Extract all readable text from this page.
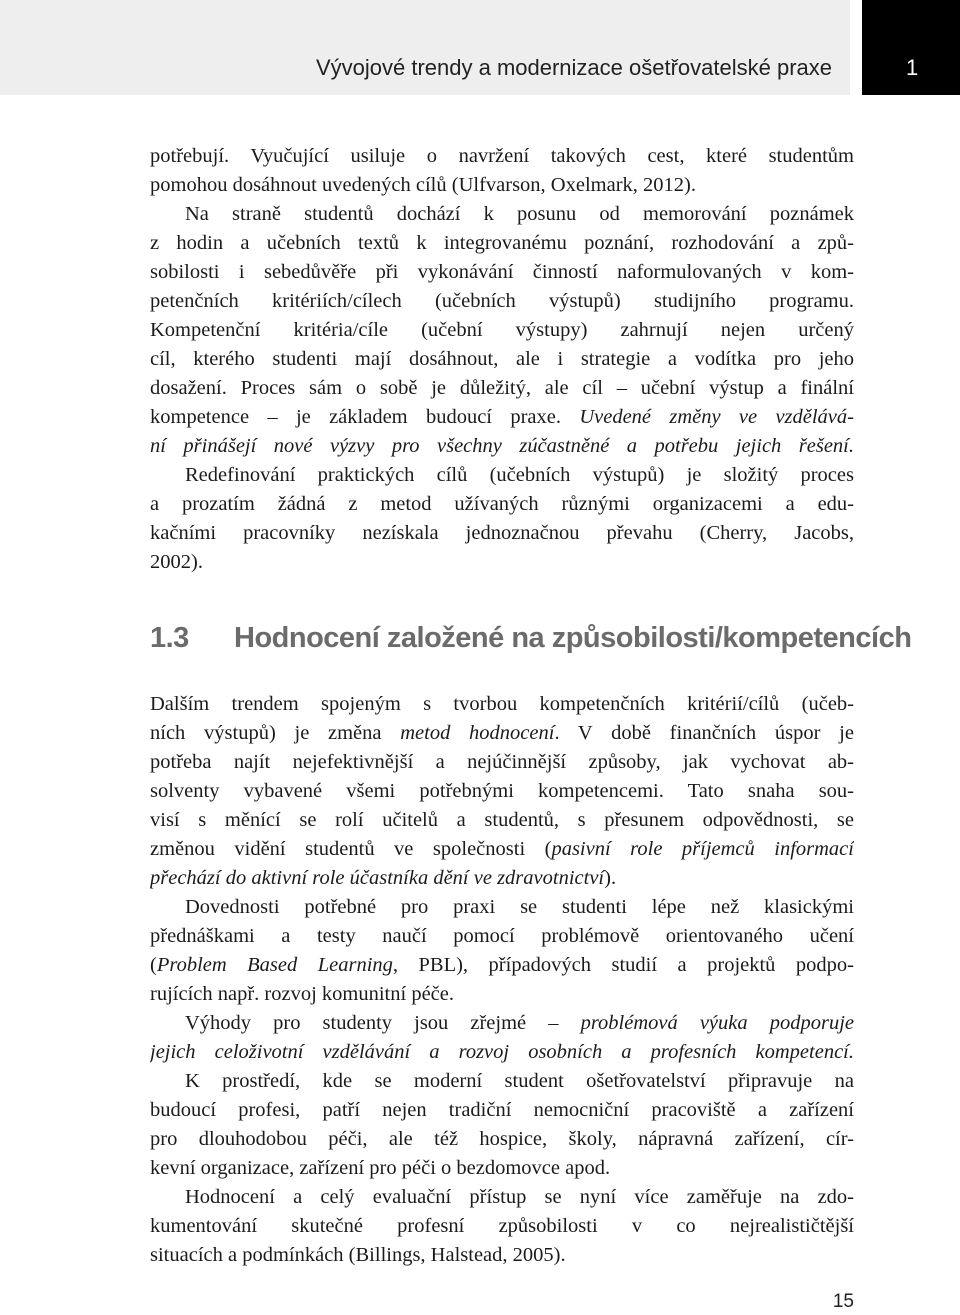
Vývojové trendy a modernizace ošetřovatelské praxe	1
potřebují. Vyučující usiluje o navržení takových cest, které studentům
pomohou dosáhnout uvedených cílů (Ulfvarson, Oxelmark, 2012).
Na straně studentů dochází k posunu od memorování poznámek
z hodin a učebních textů k integrovanému poznání, rozhodování a způ-
sobilosti i sebedůvěře při vykonávání činností naformulovaných v kom-
petenčních kritériích/cílech (učebních výstupů) studijního programu.
Kompetenční kritéria/cíle (učební výstupy) zahrnují nejen určený
cíl, kterého studenti mají dosáhnout, ale i strategie a vodítka pro jeho
dosažení. Proces sám o sobě je důležitý, ale cíl – učební výstup a finální
kompetence – je základem budoucí praxe. Uvedené změny ve vzdělává-
ní přinášejí nové výzvy pro všechny zúčastněné a potřebu jejich řešení.
Redefinování praktických cílů (učebních výstupů) je složitý proces
a prozatím žádná z metod užívaných různými organizacemi a edu-
kačními pracovníky nezískala jednoznačnou převahu (Cherry, Jacobs,
2002).
1.3 Hodnocení založené na způsobilosti/kompetencích
Dalším trendem spojeným s tvorbou kompetenčních kritérií/cílů (učeb-
ních výstupů) je změna metod hodnocení. V době finančních úspor je
potřeba najít nejefektivnější a nejúčinnější způsoby, jak vychovat ab-
solventy vybavené všemi potřebnými kompetencemi. Tato snaha sou-
visí s měnící se rolí učitelů a studentů, s přesunem odpovědnosti, se
změnou vidění studentů ve společnosti (pasivní role příjemců informací
přechází do aktivní role účastníka dění ve zdravotnictví).
Dovednosti potřebné pro praxi se studenti lépe než klasickými
přednáškami a testy naučí pomocí problémově orientovaného učení
(Problem Based Learning, PBL), případových studií a projektů podpo-
rujících např. rozvoj komunitní péče.
Výhody pro studenty jsou zřejmé – problémová výuka podporuje
jejich celoživotní vzdělávání a rozvoj osobních a profesních kompetencí.
K prostředí, kde se moderní student ošetřovatelství připravuje na
budoucí profesi, patří nejen tradiční nemocniční pracoviště a zařízení
pro dlouhodobou péči, ale též hospice, školy, nápravná zařízení, cír-
kevní organizace, zařízení pro péči o bezdomovce apod.
Hodnocení a celý evaluační přístup se nyní více zaměřuje na zdo-
kumentování skutečné profesní způsobilosti v co nejrealističtější
situacích a podmínkách (Billings, Halstead, 2005).
15
